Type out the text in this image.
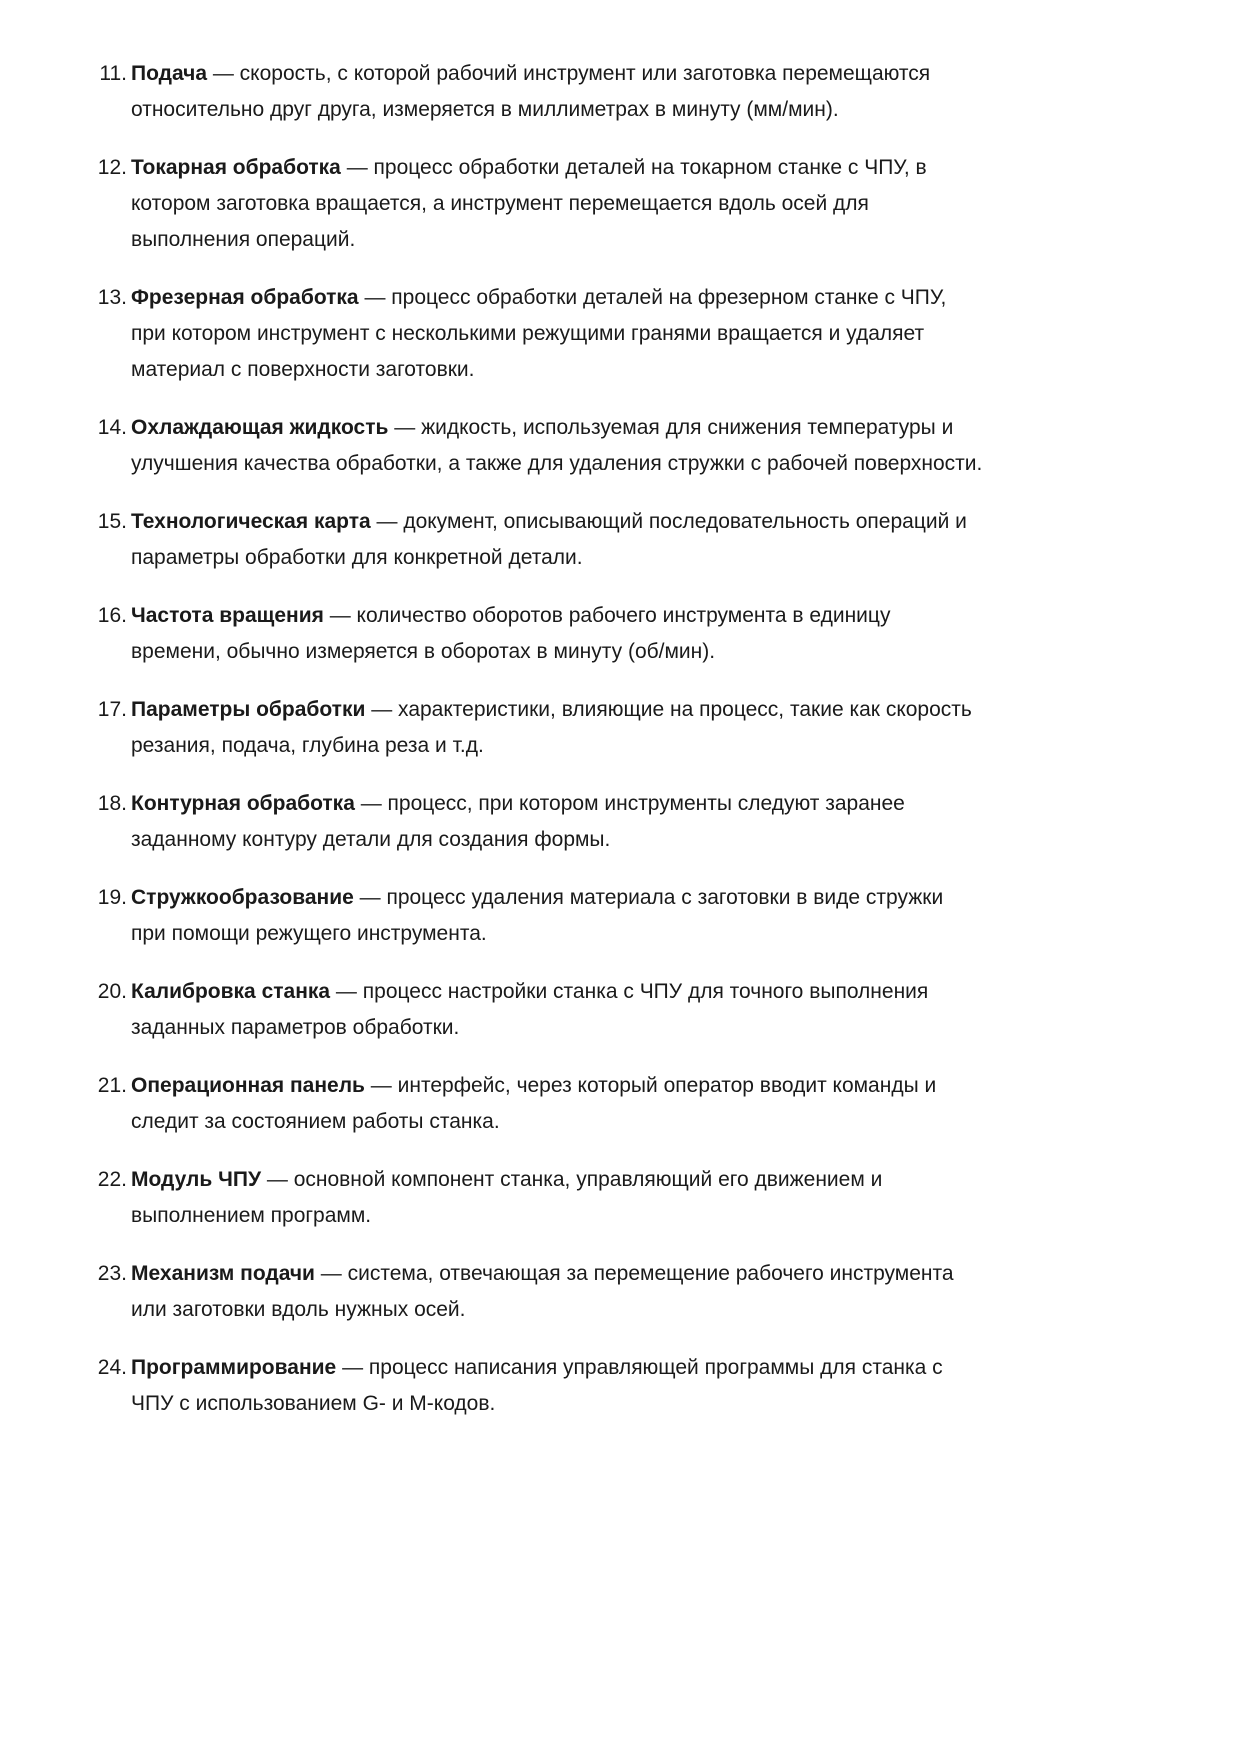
11. Подача — скорость, с которой рабочий инструмент или заготовка перемещаются
относительно друг друга, измеряется в миллиметрах в минуту (мм/мин).
12. Токарная обработка — процесс обработки деталей на токарном станке с ЧПУ, в
котором заготовка вращается, а инструмент перемещается вдоль осей для
выполнения операций.
13. Фрезерная обработка — процесс обработки деталей на фрезерном станке с ЧПУ,
при котором инструмент с несколькими режущими гранями вращается и удаляет
материал с поверхности заготовки.
14. Охлаждающая жидкость — жидкость, используемая для снижения температуры и
улучшения качества обработки, а также для удаления стружки с рабочей поверхности.
15. Технологическая карта — документ, описывающий последовательность операций и
параметры обработки для конкретной детали.
16. Частота вращения — количество оборотов рабочего инструмента в единицу
времени, обычно измеряется в оборотах в минуту (об/мин).
17. Параметры обработки — характеристики, влияющие на процесс, такие как скорость
резания, подача, глубина реза и т.д.
18. Контурная обработка — процесс, при котором инструменты следуют заранее
заданному контуру детали для создания формы.
19. Стружкообразование — процесс удаления материала с заготовки в виде стружки
при помощи режущего инструмента.
20. Калибровка станка — процесс настройки станка с ЧПУ для точного выполнения
заданных параметров обработки.
21. Операционная панель — интерфейс, через который оператор вводит команды и
следит за состоянием работы станка.
22. Модуль ЧПУ — основной компонент станка, управляющий его движением и
выполнением программ.
23. Механизм подачи — система, отвечающая за перемещение рабочего инструмента
или заготовки вдоль нужных осей.
24. Программирование — процесс написания управляющей программы для станка с
ЧПУ с использованием G- и M-кодов.
